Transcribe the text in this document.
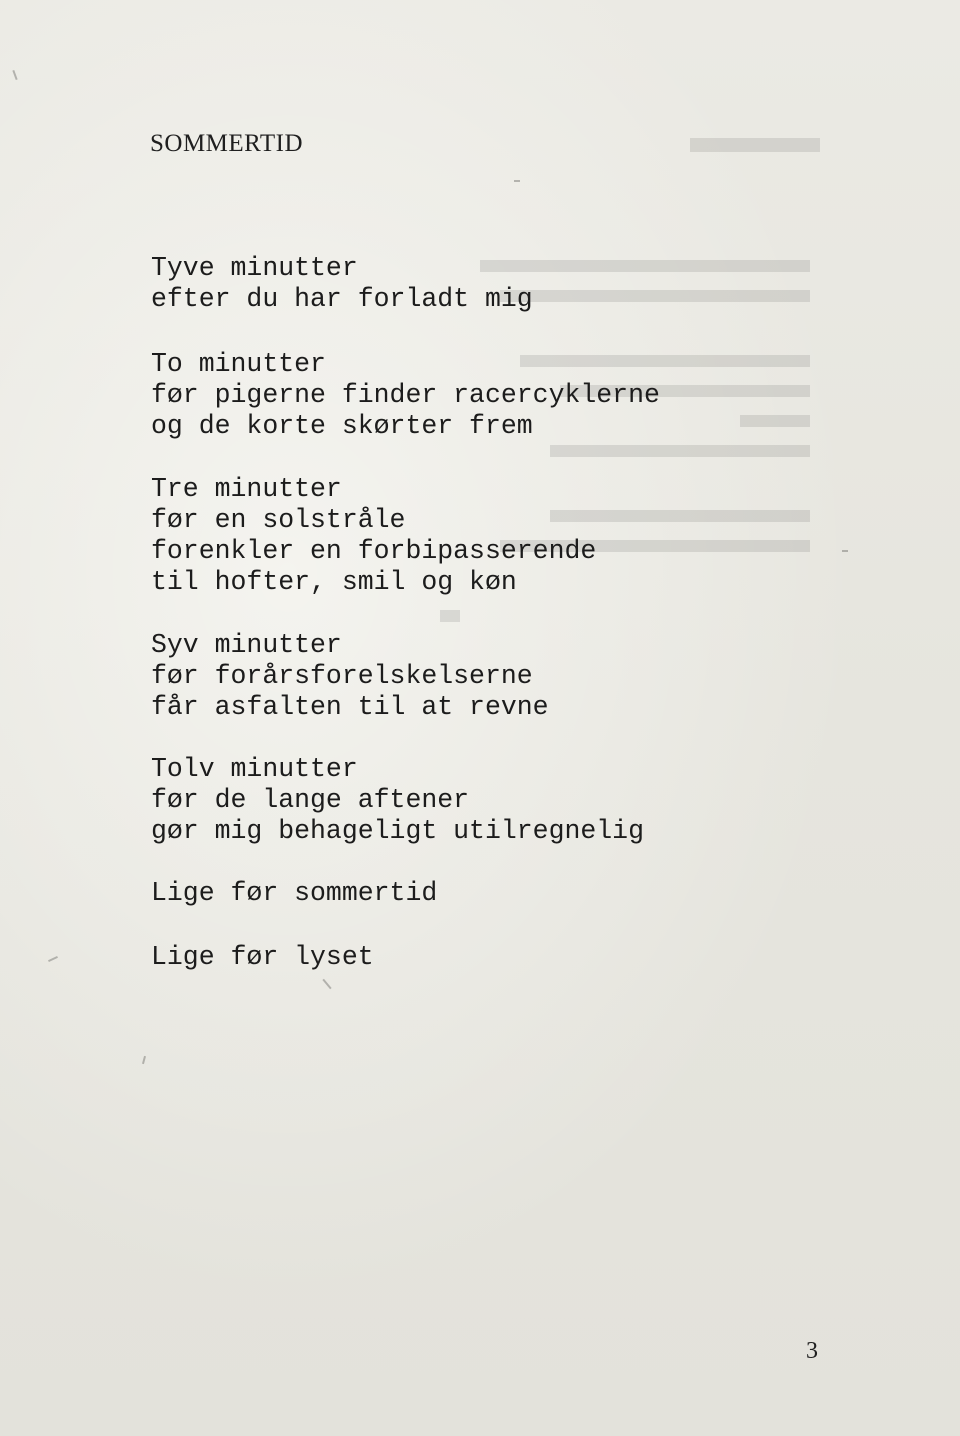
SOMMERTID
Tyve minutter
efter du har forladt mig
To minutter
før pigerne finder racercyklerne
og de korte skørter frem
Tre minutter
før en solstråle
forenkler en forbipasserende
til hofter, smil og køn
Syv minutter
før forårsforelskelserne
får asfalten til at revne
Tolv minutter
før de lange aftener
gør mig behageligt utilregnelig
Lige før sommertid
Lige før lyset
3
